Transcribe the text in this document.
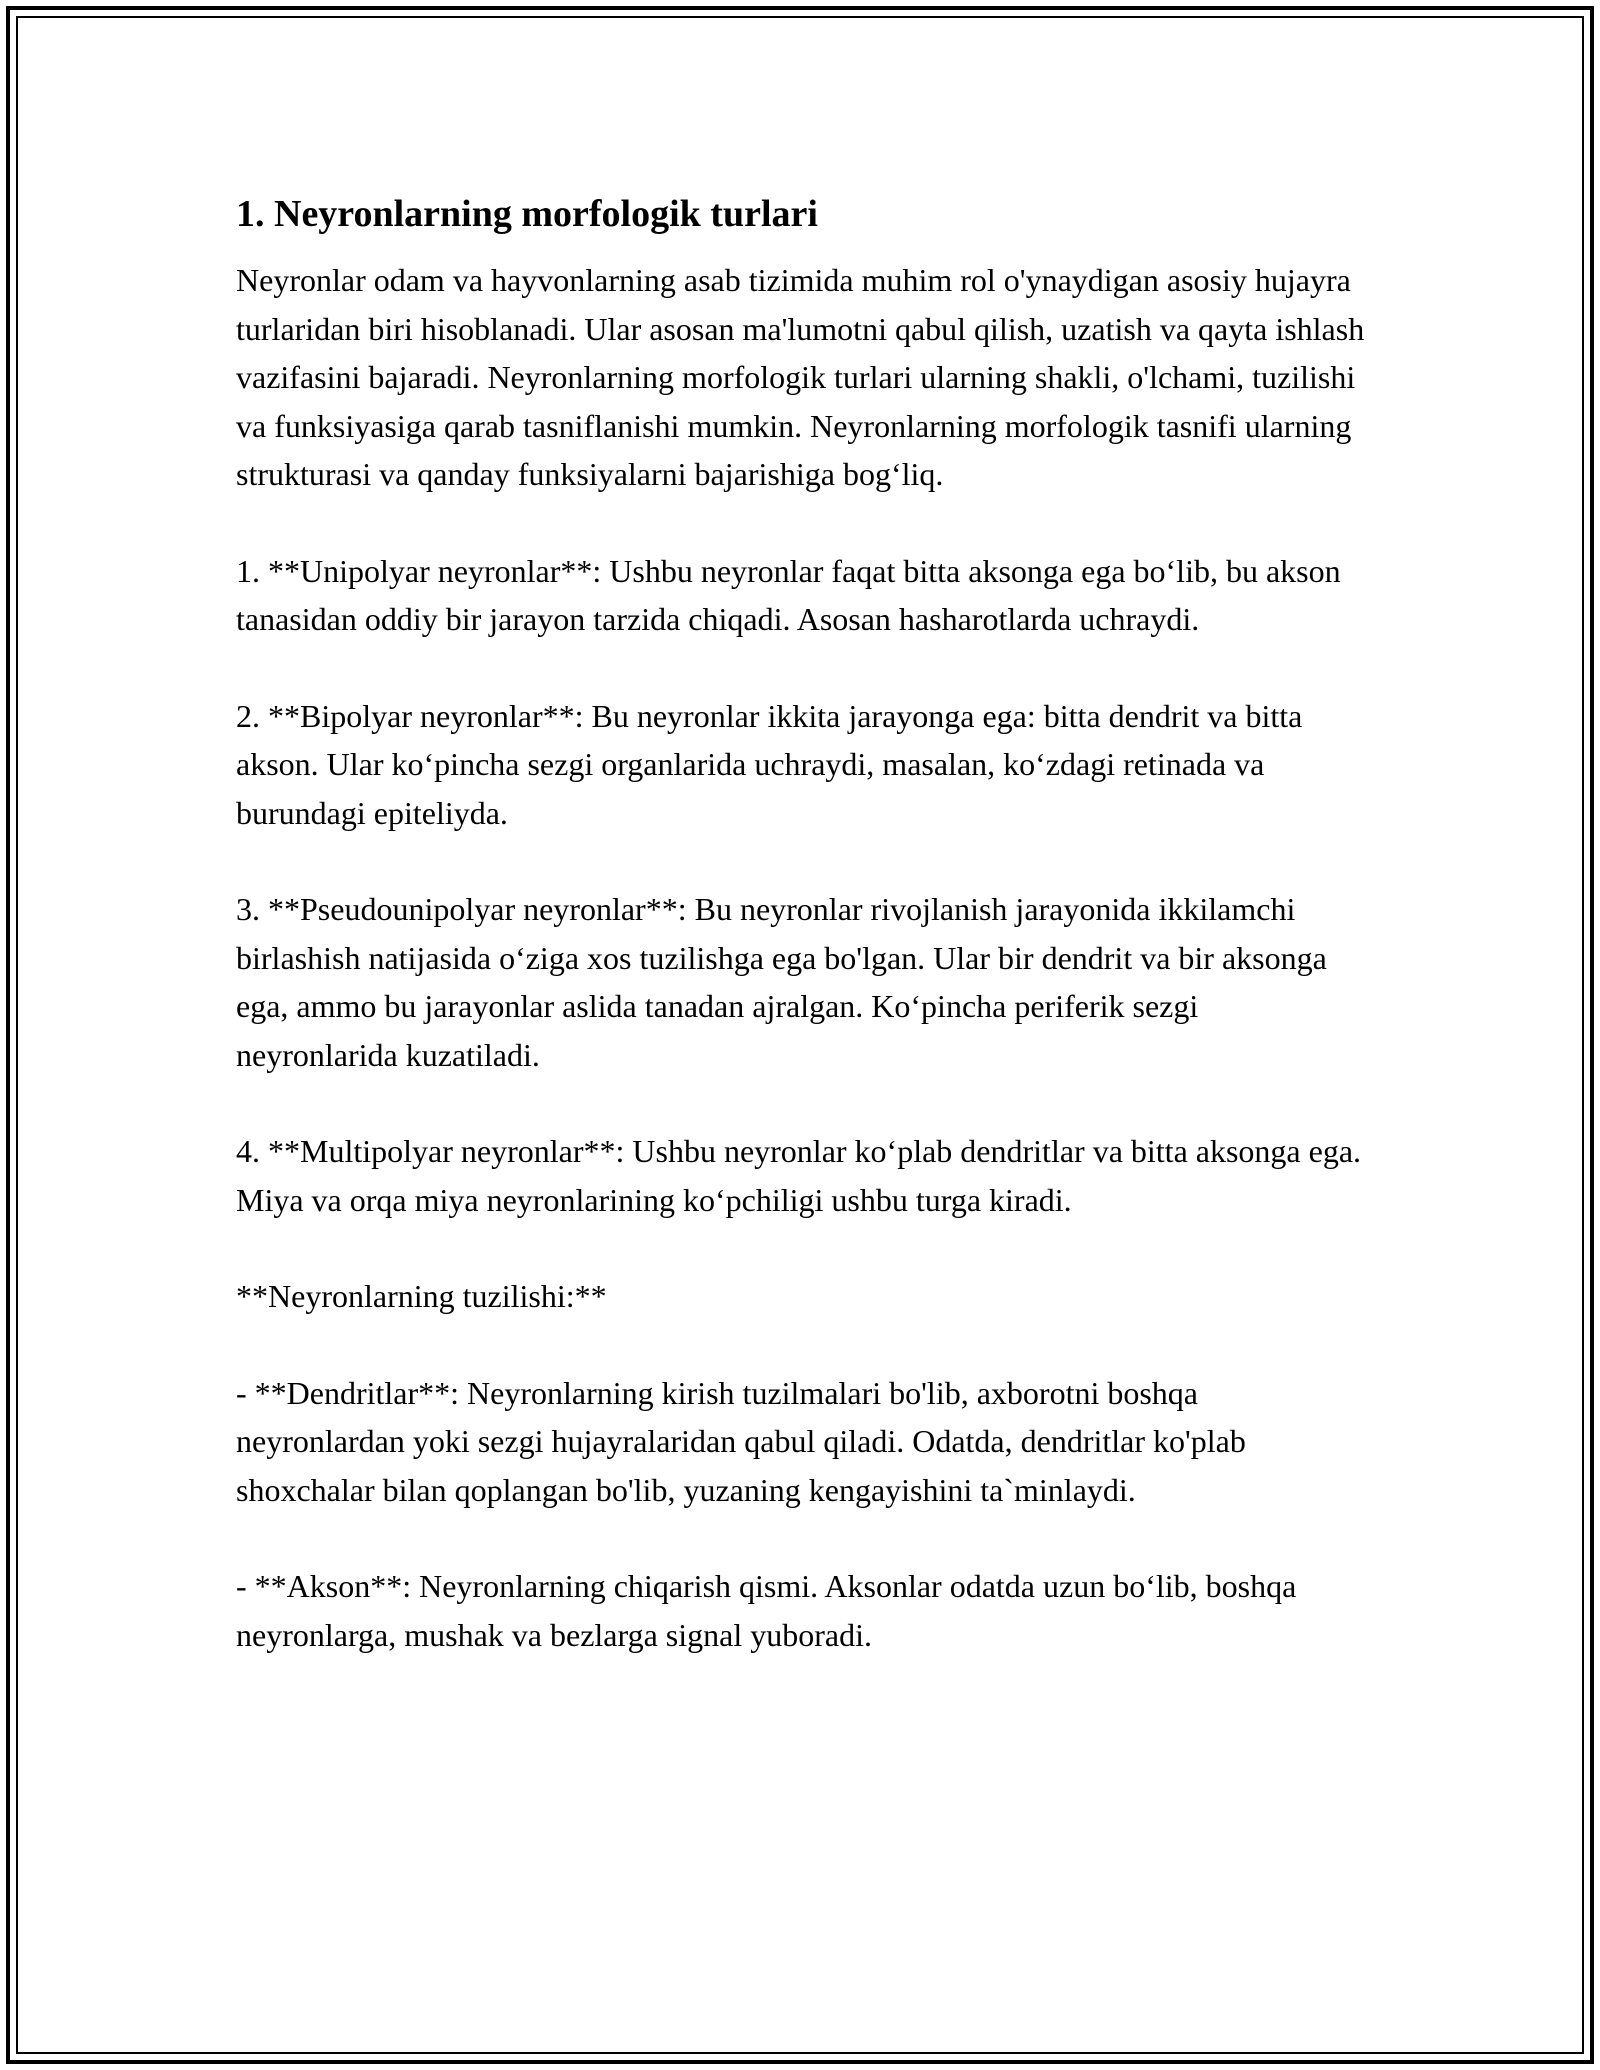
1. Neyronlarning morfologik turlari

Neyronlar odam va hayvonlarning asab tizimida muhim rol o'ynaydigan asosiy hujayra turlaridan biri hisoblanadi. Ular asosan ma'lumotni qabul qilish, uzatish va qayta ishlash vazifasini bajaradi. Neyronlarning morfologik turlari ularning shakli, o'lchami, tuzilishi va funksiyasiga qarab tasniflanishi mumkin. Neyronlarning morfologik tasnifi ularning strukturasi va qanday funksiyalarni bajarishiga bog‘liq.

1. **Unipolyar neyronlar**: Ushbu neyronlar faqat bitta aksonga ega bo‘lib, bu akson tanasidan oddiy bir jarayon tarzida chiqadi. Asosan hasharotlarda uchraydi.

2. **Bipolyar neyronlar**: Bu neyronlar ikkita jarayonga ega: bitta dendrit va bitta akson. Ular ko‘pincha sezgi organlarida uchraydi, masalan, ko‘zdagi retinada va burundagi epiteliyda.

3. **Pseudounipolyar neyronlar**: Bu neyronlar rivojlanish jarayonida ikkilamchi birlashish natijasida o‘ziga xos tuzilishga ega bo'lgan. Ular bir dendrit va bir aksonga ega, ammo bu jarayonlar aslida tanadan ajralgan. Ko‘pincha periferik sezgi neyronlarida kuzatiladi.

4. **Multipolyar neyronlar**: Ushbu neyronlar ko‘plab dendritlar va bitta aksonga ega. Miya va orqa miya neyronlarining ko‘pchiligi ushbu turga kiradi.

**Neyronlarning tuzilishi:**

- **Dendritlar**: Neyronlarning kirish tuzilmalari bo'lib, axborotni boshqa neyronlardan yoki sezgi hujayralaridan qabul qiladi. Odatda, dendritlar ko'plab shoxchalar bilan qoplangan bo'lib, yuzaning kengayishini ta`minlaydi.

- **Akson**: Neyronlarning chiqarish qismi. Aksonlar odatda uzun bo‘lib, boshqa neyronlarga, mushak va bezlarga signal yuboradi.
